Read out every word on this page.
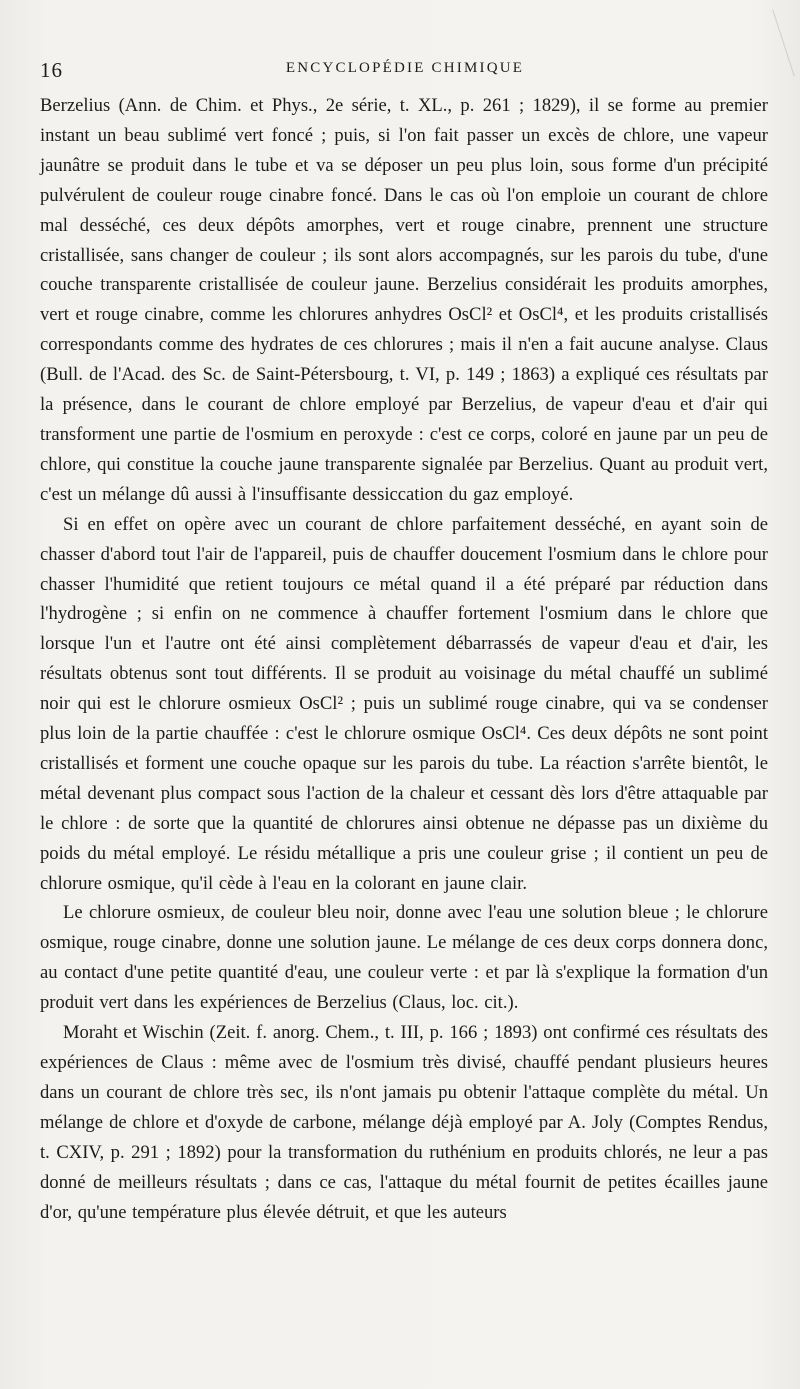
16	ENCYCLOPÉDIE CHIMIQUE

Berzelius (Ann. de Chim. et Phys., 2e série, t. XL., p. 261 ; 1829), il se forme au premier instant un beau sublimé vert foncé ; puis, si l'on fait passer un excès de chlore, une vapeur jaunâtre se produit dans le tube et va se déposer un peu plus loin, sous forme d'un précipité pulvérulent de couleur rouge cinabre foncé. Dans le cas où l'on emploie un courant de chlore mal desséché, ces deux dépôts amorphes, vert et rouge cinabre, prennent une structure cristallisée, sans changer de couleur ; ils sont alors accompagnés, sur les parois du tube, d'une couche transparente cristallisée de couleur jaune. Berzelius considérait les produits amorphes, vert et rouge cinabre, comme les chlorures anhydres OsCl² et OsCl⁴, et les produits cristallisés correspondants comme des hydrates de ces chlorures ; mais il n'en a fait aucune analyse. Claus (Bull. de l'Acad. des Sc. de Saint-Pétersbourg, t. VI, p. 149 ; 1863) a expliqué ces résultats par la présence, dans le courant de chlore employé par Berzelius, de vapeur d'eau et d'air qui transforment une partie de l'osmium en peroxyde : c'est ce corps, coloré en jaune par un peu de chlore, qui constitue la couche jaune transparente signalée par Berzelius. Quant au produit vert, c'est un mélange dû aussi à l'insuffisante dessiccation du gaz employé.

Si en effet on opère avec un courant de chlore parfaitement desséché, en ayant soin de chasser d'abord tout l'air de l'appareil, puis de chauffer doucement l'osmium dans le chlore pour chasser l'humidité que retient toujours ce métal quand il a été préparé par réduction dans l'hydrogène ; si enfin on ne commence à chauffer fortement l'osmium dans le chlore que lorsque l'un et l'autre ont été ainsi complètement débarrassés de vapeur d'eau et d'air, les résultats obtenus sont tout différents. Il se produit au voisinage du métal chauffé un sublimé noir qui est le chlorure osmieux OsCl² ; puis un sublimé rouge cinabre, qui va se condenser plus loin de la partie chauffée : c'est le chlorure osmique OsCl⁴. Ces deux dépôts ne sont point cristallisés et forment une couche opaque sur les parois du tube. La réaction s'arrête bientôt, le métal devenant plus compact sous l'action de la chaleur et cessant dès lors d'être attaquable par le chlore : de sorte que la quantité de chlorures ainsi obtenue ne dépasse pas un dixième du poids du métal employé. Le résidu métallique a pris une couleur grise ; il contient un peu de chlorure osmique, qu'il cède à l'eau en la colorant en jaune clair.

Le chlorure osmieux, de couleur bleu noir, donne avec l'eau une solution bleue ; le chlorure osmique, rouge cinabre, donne une solution jaune. Le mélange de ces deux corps donnera donc, au contact d'une petite quantité d'eau, une couleur verte : et par là s'explique la formation d'un produit vert dans les expériences de Berzelius (Claus, loc. cit.).

Moraht et Wischin (Zeit. f. anorg. Chem., t. III, p. 166 ; 1893) ont confirmé ces résultats des expériences de Claus : même avec de l'osmium très divisé, chauffé pendant plusieurs heures dans un courant de chlore très sec, ils n'ont jamais pu obtenir l'attaque complète du métal. Un mélange de chlore et d'oxyde de carbone, mélange déjà employé par A. Joly (Comptes Rendus, t. CXIV, p. 291 ; 1892) pour la transformation du ruthénium en produits chlorés, ne leur a pas donné de meilleurs résultats ; dans ce cas, l'attaque du métal fournit de petites écailles jaune d'or, qu'une température plus élevée détruit, et que les auteurs
